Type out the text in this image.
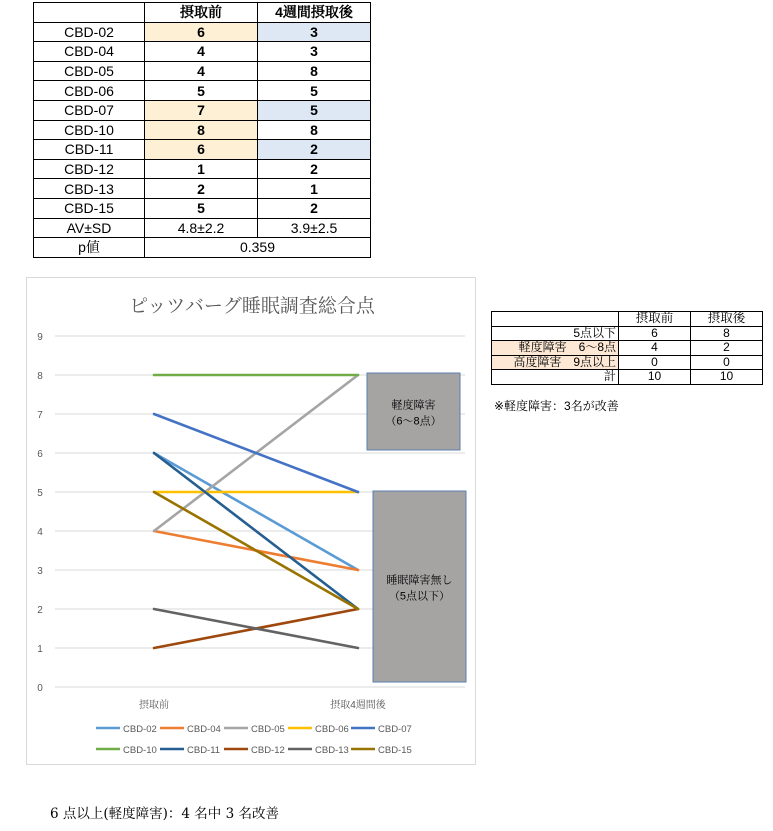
	摂取前	4週間摂取後
CBD-02	6	3
CBD-04	4	3
CBD-05	4	8
CBD-06	5	5
CBD-07	7	5
CBD-10	8	8
CBD-11	6	2
CBD-12	1	2
CBD-13	2	1
CBD-15	5	2
AV±SD	4.8±2.2	3.9±2.5
p値	0.359	
ピッツバーグ睡眠調査総合点
軽度障害
（6～8点）
睡眠障害無し
（5点以下）
0
1
2
3
4
5
6
7
8
9
摂取前	摂取4週間後
CBD-02	CBD-04	CBD-05	CBD-06	CBD-07
CBD-10	CBD-11	CBD-12	CBD-13	CBD-15
	摂取前	摂取後
5点以下	6	8
軽度障害　6～8点	4	2
高度障害　9点以上	0	0
計	10	10
※軽度障害：3名が改善
6 点以上(軽度障害)：4 名中 3 名改善
